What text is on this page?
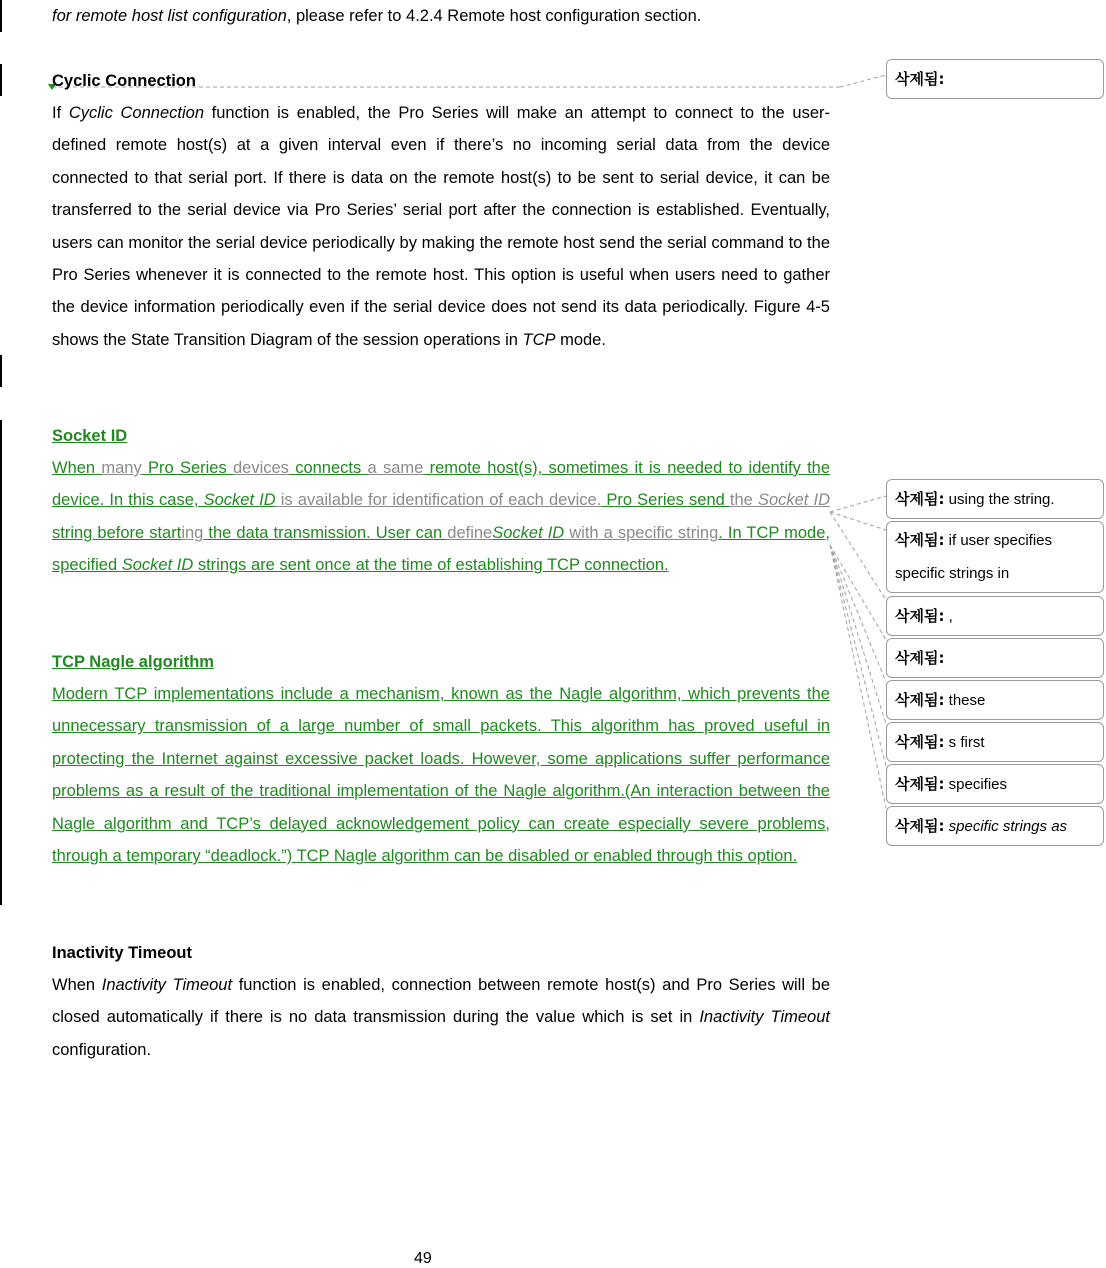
for remote host list configuration, please refer to 4.2.4 Remote host configuration section.

Cyclic Connection

If Cyclic Connection function is enabled, the Pro Series will make an attempt to connect to the user-defined remote host(s) at a given interval even if there’s no incoming serial data from the device connected to that serial port. If there is data on the remote host(s) to be sent to serial device, it can be transferred to the serial device via Pro Series’ serial port after the connection is established. Eventually, users can monitor the serial device periodically by making the remote host send the serial command to the Pro Series whenever it is connected to the remote host. This option is useful when users need to gather the device information periodically even if the serial device does not send its data periodically. Figure 4-5 shows the State Transition Diagram of the session operations in TCP mode.

Socket ID

When many Pro Series devices connects a same remote host(s), sometimes it is needed to identify the device. In this case, Socket ID is available for identification of each device. Pro Series send the Socket ID string before starting the data transmission. User can defineSocket ID with a specific string. In TCP mode, specified Socket ID strings are sent once at the time of establishing TCP connection.

TCP Nagle algorithm

Modern TCP implementations include a mechanism, known as the Nagle algorithm, which prevents the unnecessary transmission of a large number of small packets. This algorithm has proved useful in protecting the Internet against excessive packet loads. However, some applications suffer performance problems as a result of the traditional implementation of the Nagle algorithm.(An interaction between the Nagle algorithm and TCP’s delayed acknowledgement policy can create especially severe problems, through a temporary “deadlock.”) TCP Nagle algorithm can be disabled or enabled through this option.

Inactivity Timeout

When Inactivity Timeout function is enabled, connection between remote host(s) and Pro Series will be closed automatically if there is no data transmission during the value which is set in Inactivity Timeout configuration.

삭제됨:
삭제됨: using the string.
삭제됨: if user specifies
specific strings in
삭제됨: ,
삭제됨:
삭제됨: these
삭제됨: s first
삭제됨: specifies
삭제됨: specific strings as
49
